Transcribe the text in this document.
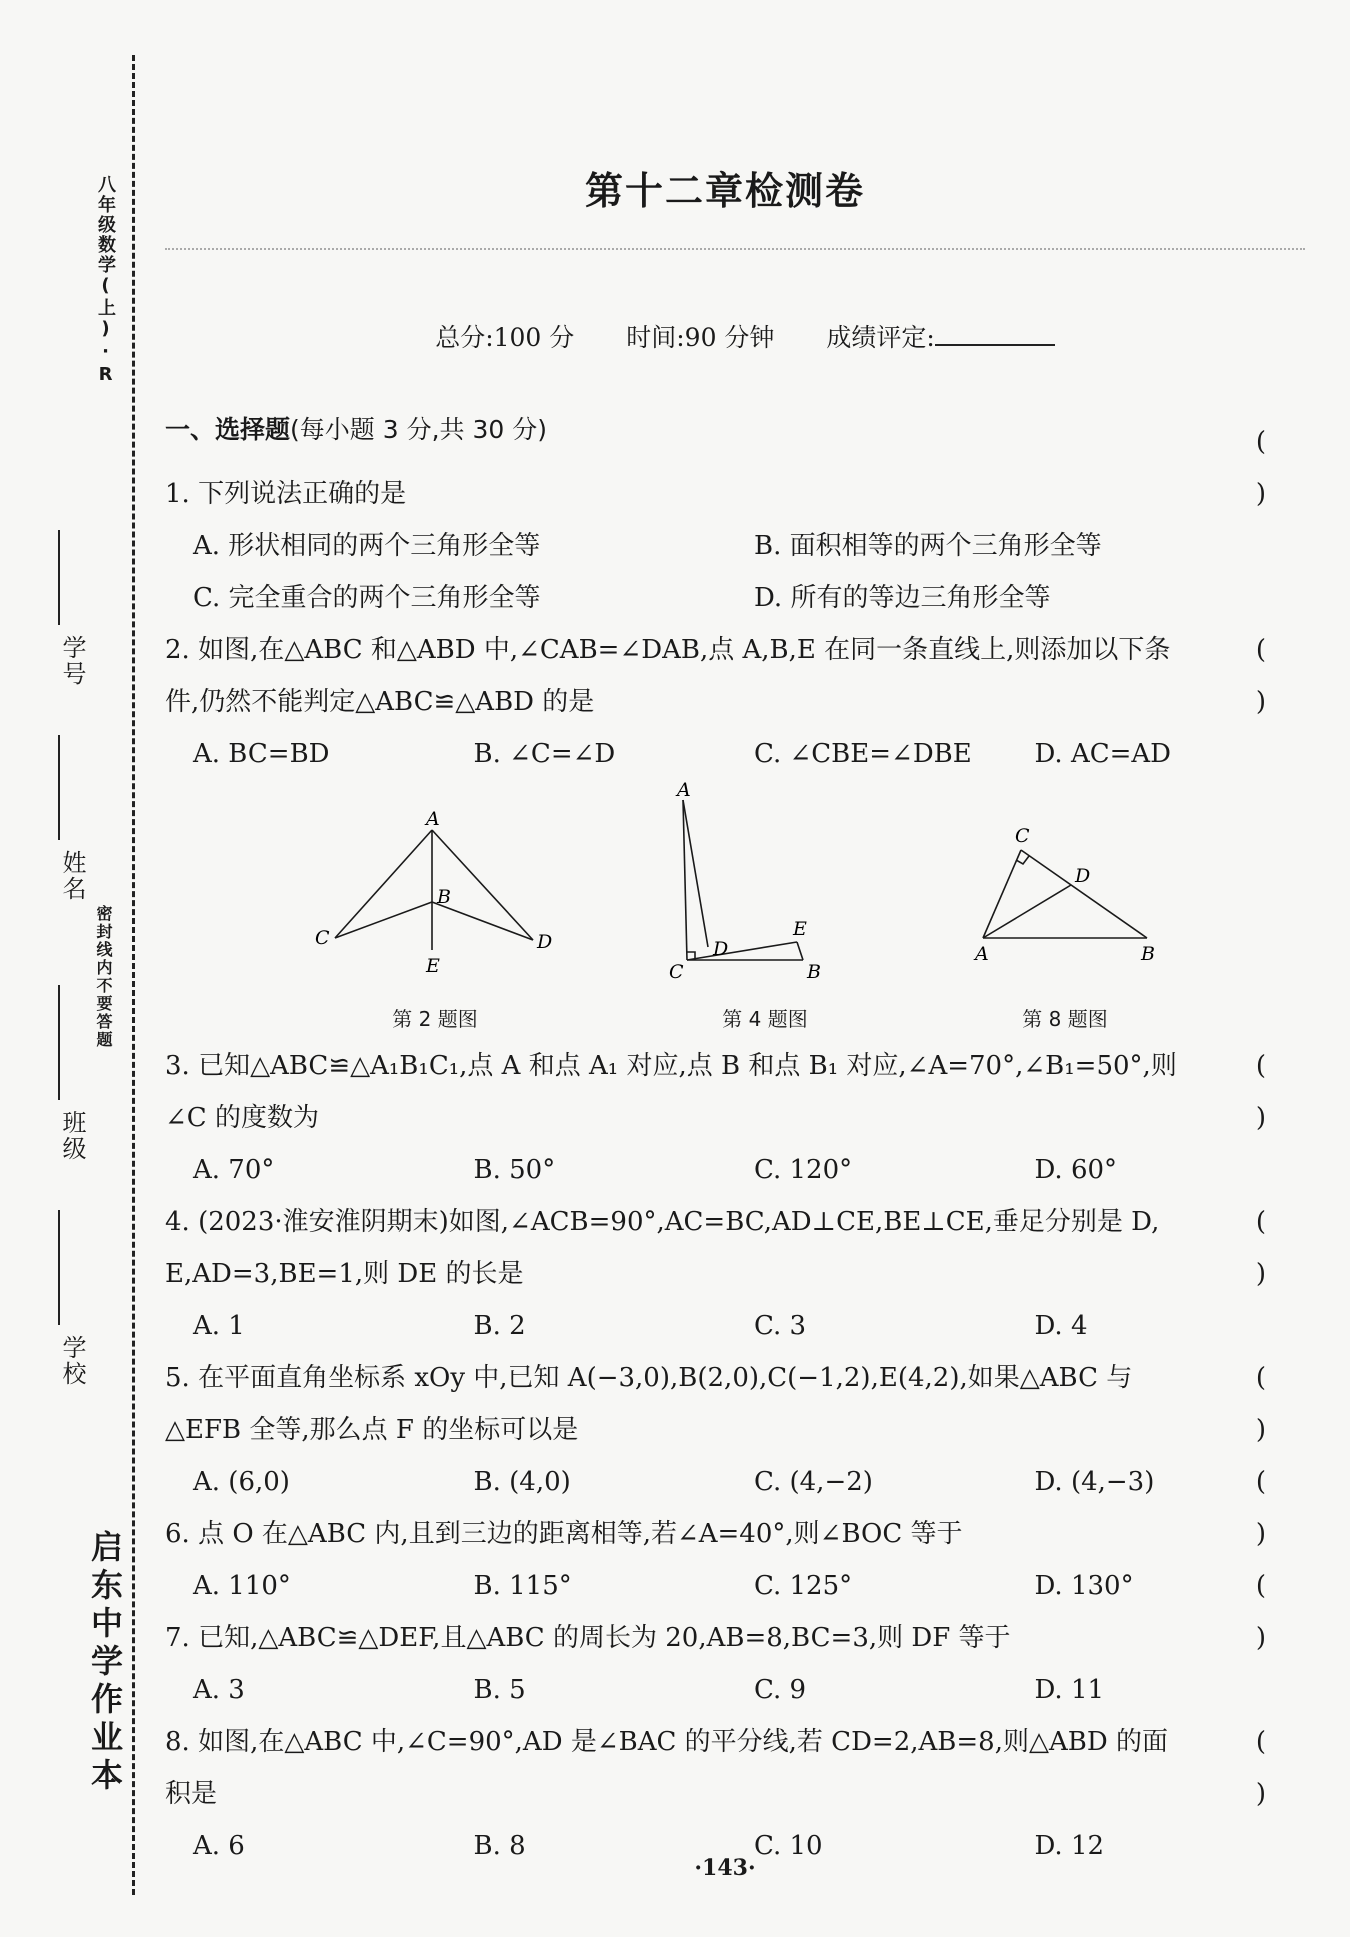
八年级数学(上)·R
密封线内不要答题
启东中学作业本
学号
姓名
班级
学校
第十二章检测卷
总分:100 分 时间:90 分钟 成绩评定:
一、选择题(每小题 3 分,共 30 分)
1. 下列说法正确的是
( )
A. 形状相同的两个三角形全等	B. 面积相等的两个三角形全等
C. 完全重合的两个三角形全等	D. 所有的等边三角形全等
2. 如图,在△ABC 和△ABD 中,∠CAB=∠DAB,点 A,B,E 在同一条直线上,则添加以下条
件,仍然不能判定△ABC≌△ABD 的是
( )
A. BC=BD	B. ∠C=∠D	C. ∠CBE=∠DBE	D. AC=AD
A
B
C	D
E
第 2 题图
A
C
D
E
B
第 4 题图
C
D
A	B
第 8 题图
3. 已知△ABC≌△A₁B₁C₁,点 A 和点 A₁ 对应,点 B 和点 B₁ 对应,∠A=70°,∠B₁=50°,则
∠C 的度数为
( )
A. 70°	B. 50°	C. 120°	D. 60°
4. (2023·淮安淮阴期末)如图,∠ACB=90°,AC=BC,AD⊥CE,BE⊥CE,垂足分别是 D,
E,AD=3,BE=1,则 DE 的长是
( )
A. 1	B. 2	C. 3	D. 4
5. 在平面直角坐标系 xOy 中,已知 A(−3,0),B(2,0),C(−1,2),E(4,2),如果△ABC 与
△EFB 全等,那么点 F 的坐标可以是
( )
A. (6,0)	B. (4,0)	C. (4,−2)	D. (4,−3)
6. 点 O 在△ABC 内,且到三边的距离相等,若∠A=40°,则∠BOC 等于
( )
A. 110°	B. 115°	C. 125°	D. 130°
7. 已知,△ABC≌△DEF,且△ABC 的周长为 20,AB=8,BC=3,则 DF 等于
( )
A. 3	B. 5	C. 9	D. 11
8. 如图,在△ABC 中,∠C=90°,AD 是∠BAC 的平分线,若 CD=2,AB=8,则△ABD 的面
积是
( )
A. 6	B. 8	C. 10	D. 12
·143·
